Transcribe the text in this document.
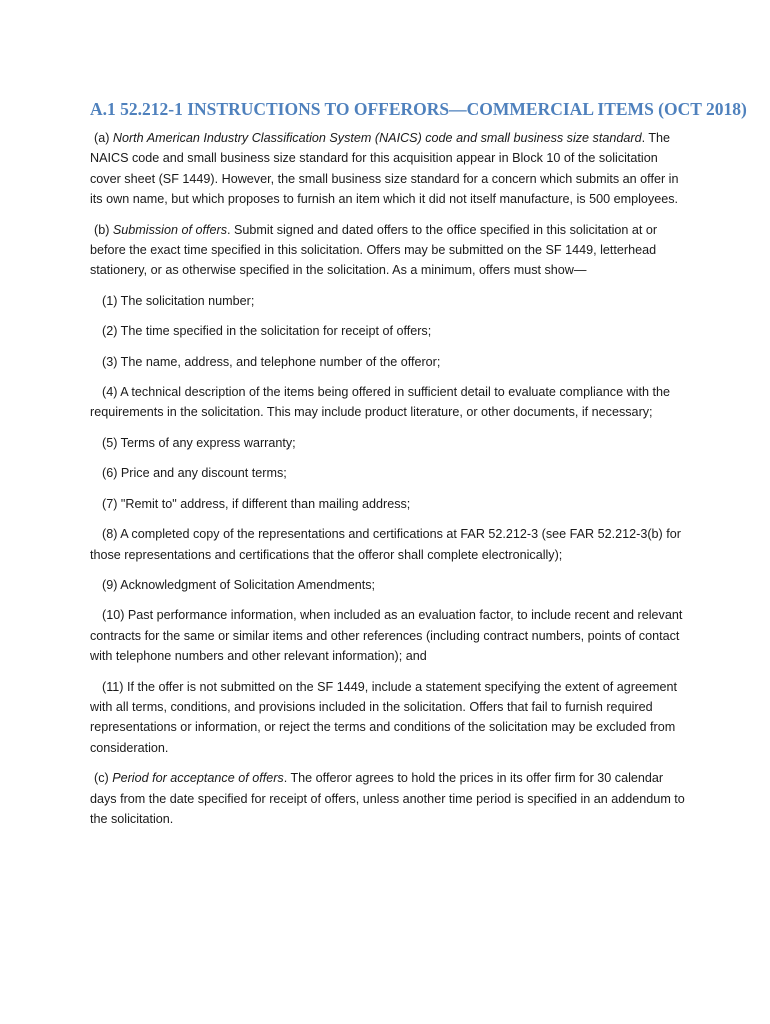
A.1 52.212-1 INSTRUCTIONS TO OFFERORS—COMMERCIAL ITEMS (OCT 2018)

(a) North American Industry Classification System (NAICS) code and small business size standard. The NAICS code and small business size standard for this acquisition appear in Block 10 of the solicitation cover sheet (SF 1449). However, the small business size standard for a concern which submits an offer in its own name, but which proposes to furnish an item which it did not itself manufacture, is 500 employees.

(b) Submission of offers. Submit signed and dated offers to the office specified in this solicitation at or before the exact time specified in this solicitation. Offers may be submitted on the SF 1449, letterhead stationery, or as otherwise specified in the solicitation. As a minimum, offers must show—

(1) The solicitation number;

(2) The time specified in the solicitation for receipt of offers;

(3) The name, address, and telephone number of the offeror;

(4) A technical description of the items being offered in sufficient detail to evaluate compliance with the requirements in the solicitation. This may include product literature, or other documents, if necessary;

(5) Terms of any express warranty;

(6) Price and any discount terms;

(7) "Remit to" address, if different than mailing address;

(8) A completed copy of the representations and certifications at FAR 52.212-3 (see FAR 52.212-3(b) for those representations and certifications that the offeror shall complete electronically);

(9) Acknowledgment of Solicitation Amendments;

(10) Past performance information, when included as an evaluation factor, to include recent and relevant contracts for the same or similar items and other references (including contract numbers, points of contact with telephone numbers and other relevant information); and

(11) If the offer is not submitted on the SF 1449, include a statement specifying the extent of agreement with all terms, conditions, and provisions included in the solicitation. Offers that fail to furnish required representations or information, or reject the terms and conditions of the solicitation may be excluded from consideration.

(c) Period for acceptance of offers. The offeror agrees to hold the prices in its offer firm for 30 calendar days from the date specified for receipt of offers, unless another time period is specified in an addendum to the solicitation.
